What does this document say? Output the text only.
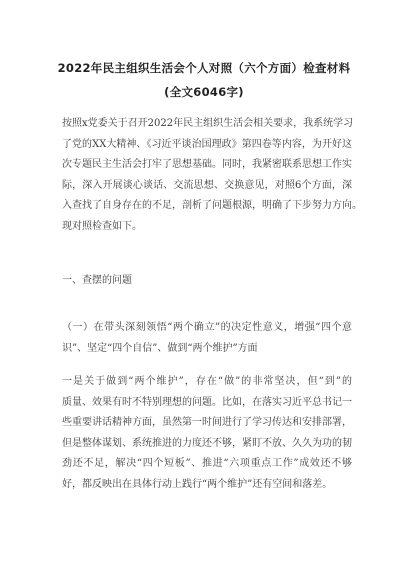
2022年民主组织生活会个人对照（六个方面）检查材料
(全文6046字)
按照x党委关于召开2022年民主组织生活会相关要求，我系统学习
了党的XX大精神、《习近平谈治国理政》第四卷等内容，为开好这
次专题民主生活会打牢了思想基础。同时，我紧密联系思想工作实
际，深入开展谈心谈话、交流思想、交换意见，对照6个方面，深
入查找了自身存在的不足，剖析了问题根源，明确了下步努力方向。
现对照检查如下。
一、查摆的问题
（一）在带头深刻领悟“两个确立”的决定性意义，增强“四个意
识”、坚定“四个自信”、做到“两个维护”方面
一是关于做到“两个维护”，存在“做”的非常坚决，但“到”的
质量、效果有时不特别理想的问题。比如，在落实习近平总书记一
些重要讲话精神方面，虽然第一时间进行了学习传达和安排部署，
但是整体谋划、系统推进的力度还不够，紧盯不放、久久为功的韧
劲还不足，解决“四个短板”、推进“六项重点工作”成效还不够
好，都反映出在具体行动上践行“两个维护”还有空间和落差。
